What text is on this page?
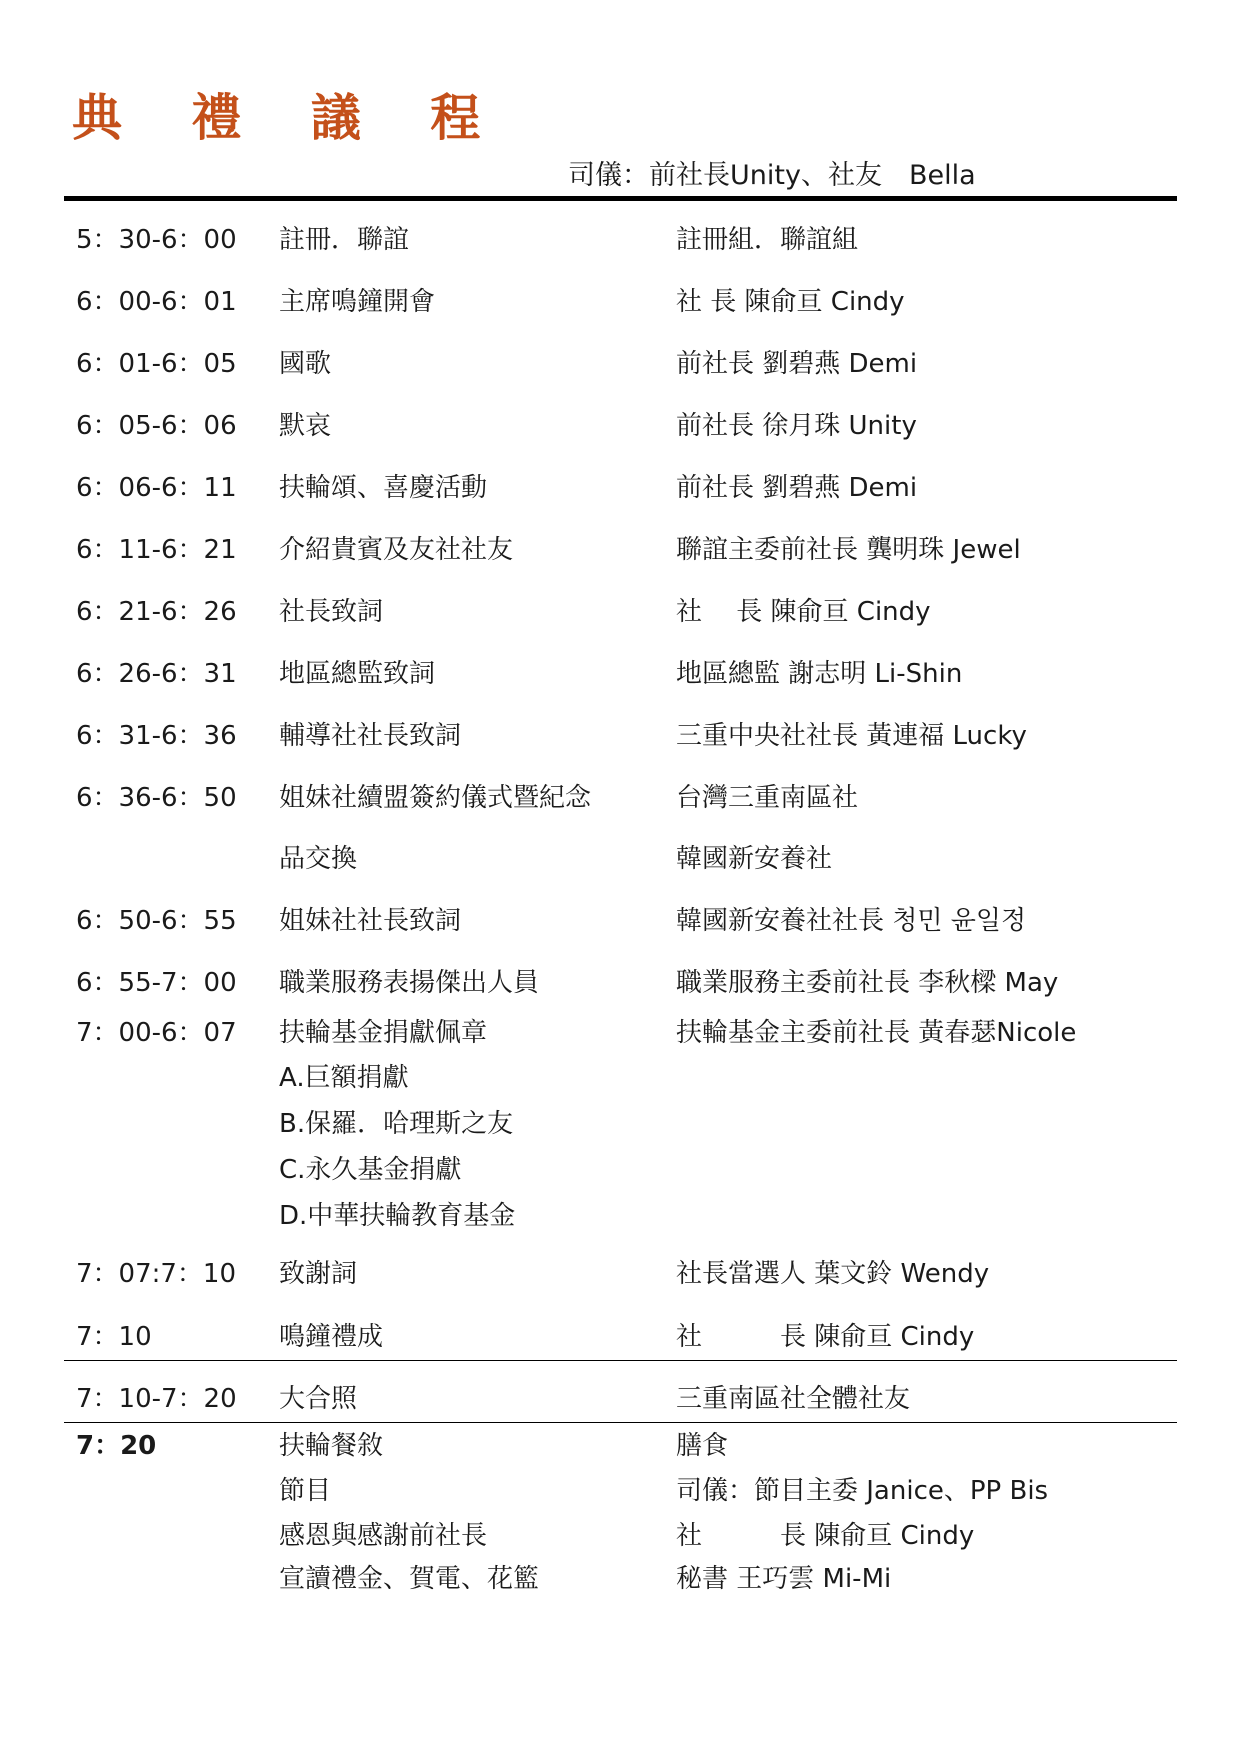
典 禮 議 程
司儀：前社長Unity、社友　Bella
5：30-6：00 註冊．聯誼	註冊組．聯誼組
6：00-6：01 主席鳴鐘開會	社 長 陳俞亘 Cindy
6：01-6：05 國歌	前社長 劉碧燕 Demi
6：05-6：06 默哀	前社長 徐月珠 Unity
6：06-6：11 扶輪頌、喜慶活動	前社長 劉碧燕 Demi
6：11-6：21 介紹貴賓及友社社友	聯誼主委前社長 龔明珠 Jewel
6：21-6：26 社長致詞	社　 長 陳俞亘 Cindy
6：26-6：31 地區總監致詞	地區總監 謝志明 Li-Shin
6：31-6：36 輔導社社長致詞	三重中央社社長 黃連福 Lucky
6：36-6：50 姐妹社續盟簽約儀式暨紀念	台灣三重南區社
品交換	韓國新安養社
6：50-6：55 姐妹社社長致詞	韓國新安養社社長 청민 윤일정
6：55-7：00 職業服務表揚傑出人員	職業服務主委前社長 李秋樑 May
7：00-6：07 扶輪基金捐獻佩章	扶輪基金主委前社長 黃春瑟Nicole
A.巨額捐獻
B.保羅．哈理斯之友
C.永久基金捐獻
D.中華扶輪教育基金
7：07:7：10 致謝詞	社長當選人 葉文鈴 Wendy
7：10	鳴鐘禮成	社　　　長 陳俞亘 Cindy
7：10-7：20 大合照	三重南區社全體社友
7：20	扶輪餐敘	膳食
節目	司儀：節目主委 Janice、PP Bis
感恩與感謝前社長	社　　　長 陳俞亘 Cindy
宣讀禮金、賀電、花籃	秘書 王巧雲 Mi-Mi
